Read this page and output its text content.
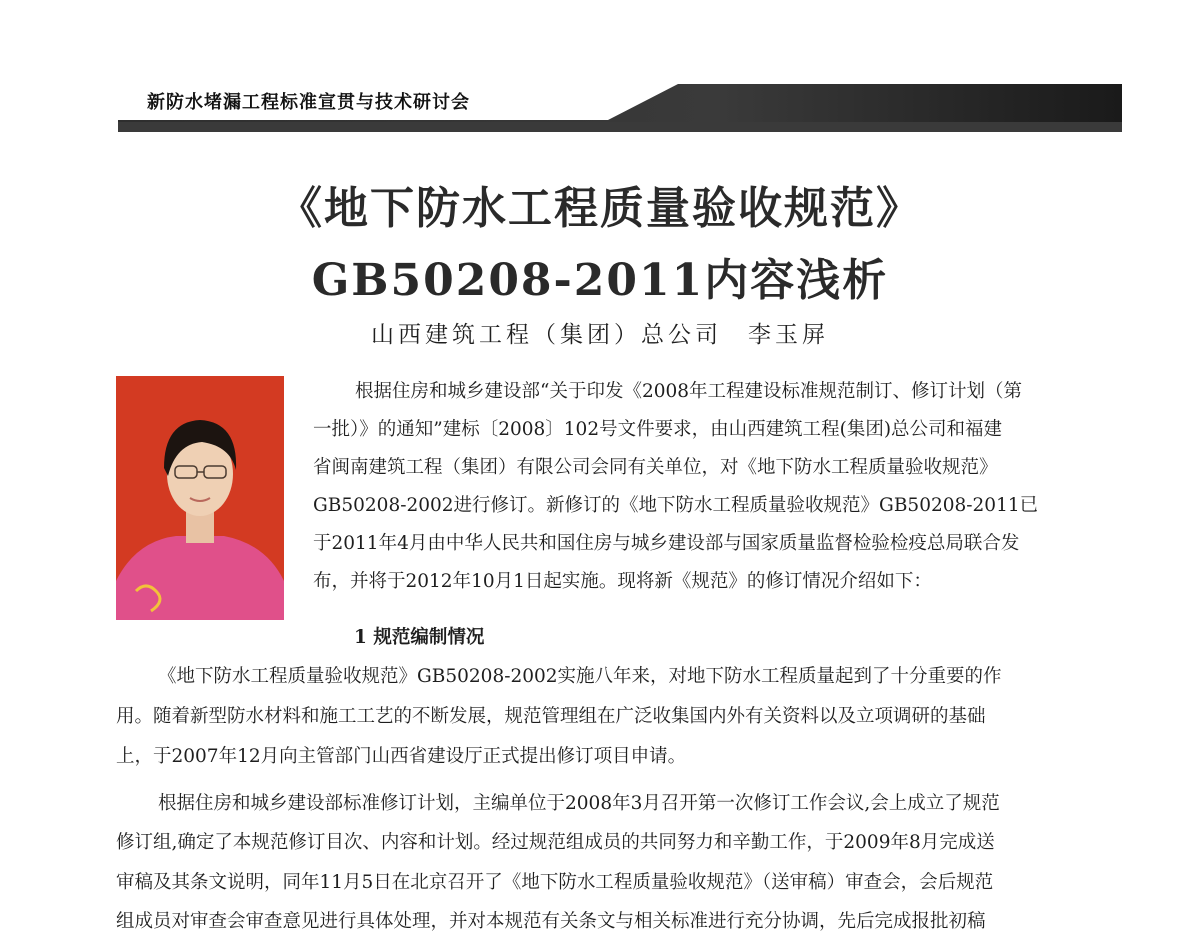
新防水堵漏工程标准宣贯与技术研讨会
《地下防水工程质量验收规范》
GB50208-2011内容浅析
山西建筑工程（集团）总公司 李玉屏
根据住房和城乡建设部“关于印发《2008年工程建设标准规范制订、修订计划（第
一批）》的通知”建标〔2008〕102号文件要求，由山西建筑工程(集团)总公司和福建
省闽南建筑工程（集团）有限公司会同有关单位，对《地下防水工程质量验收规范》
GB50208-2002进行修订。新修订的《地下防水工程质量验收规范》GB50208-2011已
于2011年4月由中华人民共和国住房与城乡建设部与国家质量监督检验检疫总局联合发
布，并将于2012年10月1日起实施。现将新《规范》的修订情况介绍如下：
1 规范编制情况
《地下防水工程质量验收规范》GB50208-2002实施八年来，对地下防水工程质量起到了十分重要的作
用。随着新型防水材料和施工工艺的不断发展，规范管理组在广泛收集国内外有关资料以及立项调研的基础
上，于2007年12月向主管部门山西省建设厅正式提出修订项目申请。
根据住房和城乡建设部标准修订计划，主编单位于2008年3月召开第一次修订工作会议,会上成立了规范
修订组,确定了本规范修订目次、内容和计划。经过规范组成员的共同努力和辛勤工作，于2009年8月完成送
审稿及其条文说明，同年11月5日在北京召开了《地下防水工程质量验收规范》（送审稿）审查会，会后规范
组成员对审查会审查意见进行具体处理，并对本规范有关条文与相关标准进行充分协调，先后完成报批初稿
